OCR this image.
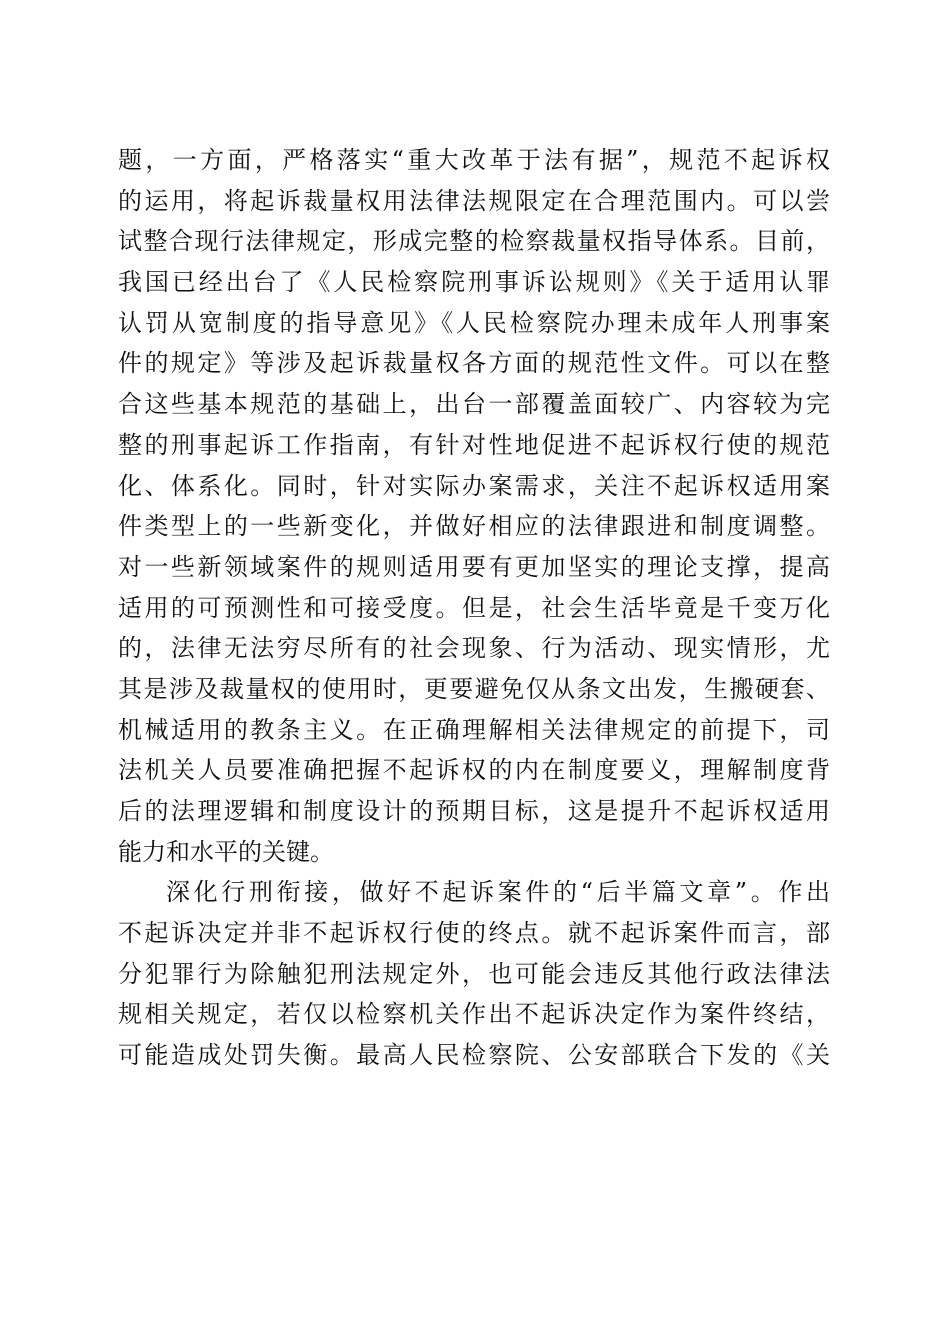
题，一方面，严格落实“重大改革于法有据”，规范不起诉权
的运用，将起诉裁量权用法律法规限定在合理范围内。可以尝
试整合现行法律规定，形成完整的检察裁量权指导体系。目前，
我国已经出台了《人民检察院刑事诉讼规则》《关于适用认罪
认罚从宽制度的指导意见》《人民检察院办理未成年人刑事案
件的规定》等涉及起诉裁量权各方面的规范性文件。可以在整
合这些基本规范的基础上，出台一部覆盖面较广、内容较为完
整的刑事起诉工作指南，有针对性地促进不起诉权行使的规范
化、体系化。同时，针对实际办案需求，关注不起诉权适用案
件类型上的一些新变化，并做好相应的法律跟进和制度调整。
对一些新领域案件的规则适用要有更加坚实的理论支撑，提高
适用的可预测性和可接受度。但是，社会生活毕竟是千变万化
的，法律无法穷尽所有的社会现象、行为活动、现实情形，尤
其是涉及裁量权的使用时，更要避免仅从条文出发，生搬硬套、
机械适用的教条主义。在正确理解相关法律规定的前提下，司
法机关人员要准确把握不起诉权的内在制度要义，理解制度背
后的法理逻辑和制度设计的预期目标，这是提升不起诉权适用
能力和水平的关键。
深化行刑衔接，做好不起诉案件的“后半篇文章”。作出
不起诉决定并非不起诉权行使的终点。就不起诉案件而言，部
分犯罪行为除触犯刑法规定外，也可能会违反其他行政法律法
规相关规定，若仅以检察机关作出不起诉决定作为案件终结，
可能造成处罚失衡。最高人民检察院、公安部联合下发的《关
